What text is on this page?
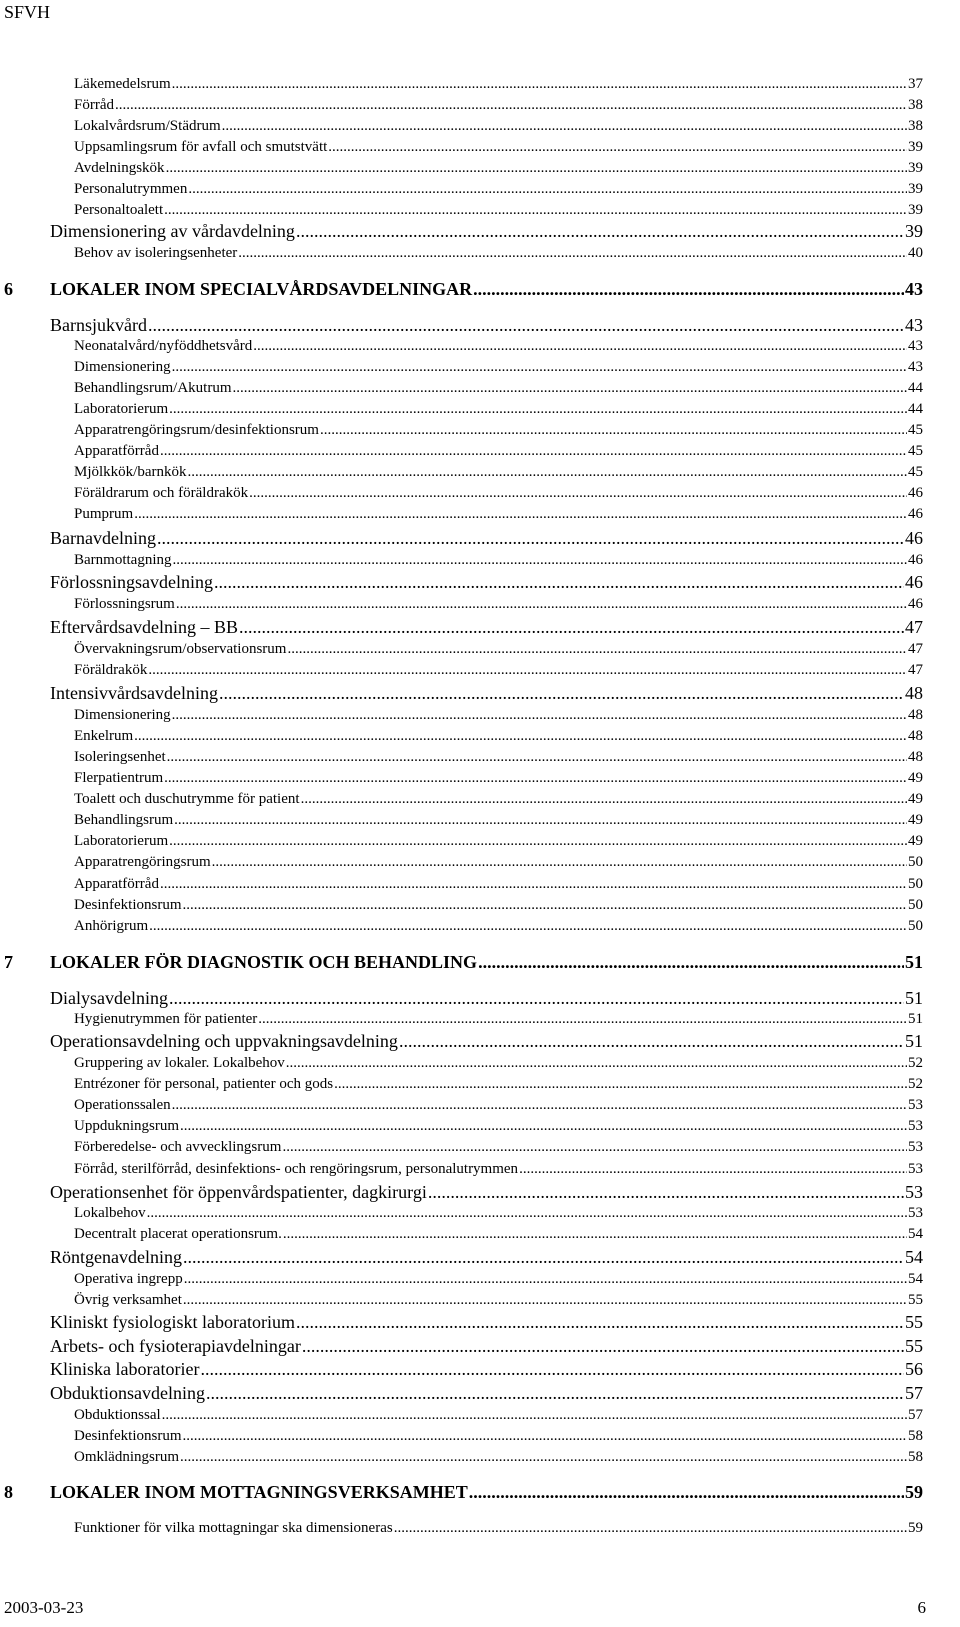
SFVH
Läkemedelsrum .....	37
Förråd .....	38
Lokalvårdsrum/Städrum .....	38
Uppsamlingsrum för avfall och smutstvätt .....	39
Avdelningskök .....	39
Personalutrymmen .....	39
Personaltoalett .....	39
Dimensionering av vårdavdelning .....	39
Behov av isoleringsenheter .....	40
6 LOKALER INOM SPECIALVÅRDSAVDELNINGAR .....	43
Barnsjukvård .....	43
Neonatalvård/nyföddhetsvård .....	43
Dimensionering .....	43
Behandlingsrum/Akutrum .....	44
Laboratorierum .....	44
Apparatrengöringsrum/desinfektionsrum .....	45
Apparatförråd .....	45
Mjölkkök/barnkök .....	45
Föräldrarum och föräldrakök .....	46
Pumprum .....	46
Barnavdelning .....	46
Barnmottagning .....	46
Förlossningsavdelning .....	46
Förlossningsrum .....	46
Eftervårdsavdelning – BB .....	47
Övervakningsrum/observationsrum .....	47
Föräldrakök .....	47
Intensivvårdsavdelning .....	48
Dimensionering .....	48
Enkelrum .....	48
Isoleringsenhet .....	48
Flerpatientrum .....	49
Toalett och duschutrymme för patient .....	49
Behandlingsrum .....	49
Laboratorierum .....	49
Apparatrengöringsrum .....	50
Apparatförråd .....	50
Desinfektionsrum .....	50
Anhörigrum .....	50
7 LOKALER FÖR DIAGNOSTIK OCH BEHANDLING .....	51
Dialysavdelning .....	51
Hygienutrymmen för patienter .....	51
Operationsavdelning och uppvakningsavdelning .....	51
Gruppering av lokaler. Lokalbehov .....	52
Entrézoner för personal, patienter och gods .....	52
Operationssalen .....	53
Uppdukningsrum .....	53
Förberedelse- och avvecklingsrum .....	53
Förråd, sterilförråd, desinfektions- och rengöringsrum, personalutrymmen .....	53
Operationsenhet för öppenvårdspatienter, dagkirurgi .....	53
Lokalbehov .....	53
Decentralt placerat operationsrum. .....	54
Röntgenavdelning .....	54
Operativa ingrepp .....	54
Övrig verksamhet .....	55
Kliniskt fysiologiskt laboratorium .....	55
Arbets- och fysioterapiavdelningar .....	55
Kliniska laboratorier .....	56
Obduktionsavdelning .....	57
Obduktionssal .....	57
Desinfektionsrum .....	58
Omklädningsrum .....	58
8 LOKALER INOM MOTTAGNINGSVERKSAMHET .....	59
Funktioner för vilka mottagningar ska dimensioneras .....	59
2003-03-23	6
